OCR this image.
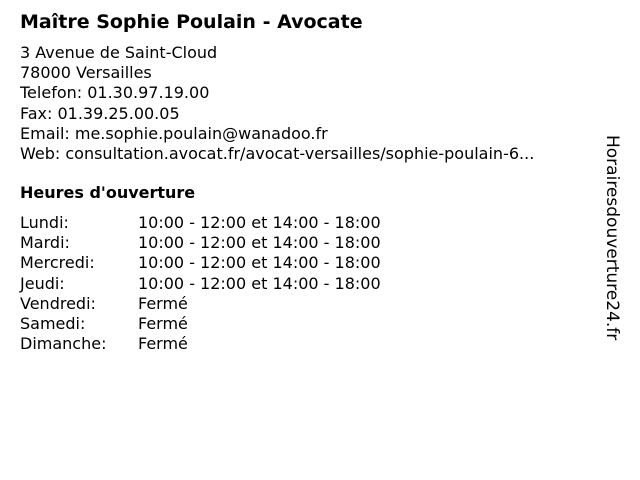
Maître Sophie Poulain - Avocate
3 Avenue de Saint-Cloud
78000 Versailles
Telefon: 01.30.97.19.00
Fax: 01.39.25.00.05
Email: me.sophie.poulain@wanadoo.fr
Web: consultation.avocat.fr/avocat-versailles/sophie-poulain-6...
Heures d'ouverture
Lundi:	10:00 - 12:00 et 14:00 - 18:00
Mardi:	10:00 - 12:00 et 14:00 - 18:00
Mercredi:	10:00 - 12:00 et 14:00 - 18:00
Jeudi:	10:00 - 12:00 et 14:00 - 18:00
Vendredi:	Fermé
Samedi:	Fermé
Dimanche:	Fermé
Horairesdouverture24.fr
